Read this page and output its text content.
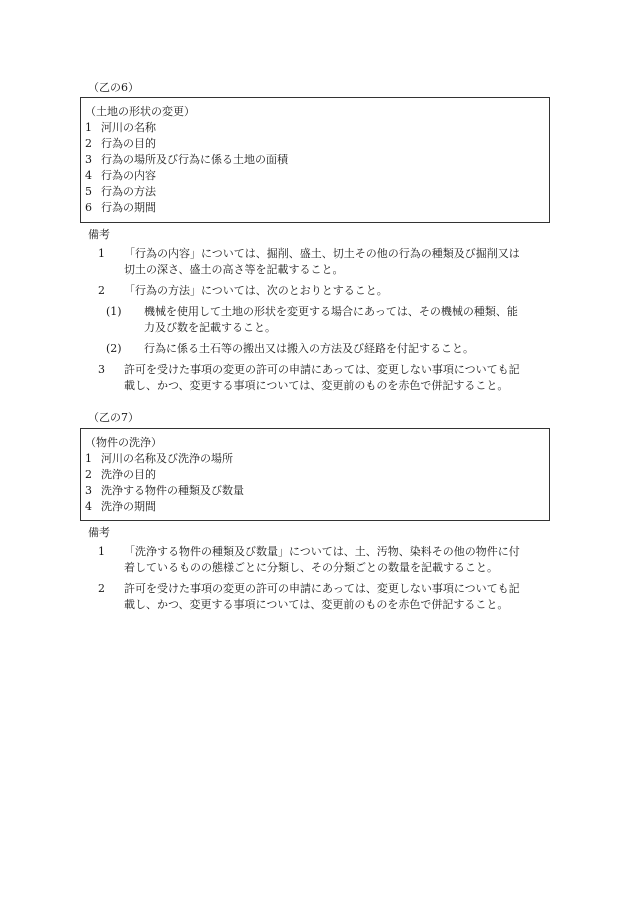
（乙の6）
（土地の形状の変更）
1 河川の名称
2 行為の目的
3 行為の場所及び行為に係る土地の面積
4 行為の内容
5 行為の方法
6 行為の期間
備考
1	「行為の内容」については、掘削、盛土、切土その他の行為の種類及び掘削又は
切土の深さ、盛土の高さ等を記載すること。
2	「行為の方法」については、次のとおりとすること。
(1) 機械を使用して土地の形状を変更する場合にあっては、その機械の種類、能
力及び数を記載すること。
(2) 行為に係る土石等の搬出又は搬入の方法及び経路を付記すること。
3	許可を受けた事項の変更の許可の申請にあっては、変更しない事項についても記
載し、かつ、変更する事項については、変更前のものを赤色で併記すること。
（乙の7）
（物件の洗浄）
1 河川の名称及び洗浄の場所
2 洗浄の目的
3 洗浄する物件の種類及び数量
4 洗浄の期間
備考
1	「洗浄する物件の種類及び数量」については、土、汚物、染料その他の物件に付
着しているものの態様ごとに分類し、その分類ごとの数量を記載すること。
2	許可を受けた事項の変更の許可の申請にあっては、変更しない事項についても記
載し、かつ、変更する事項については、変更前のものを赤色で併記すること。
